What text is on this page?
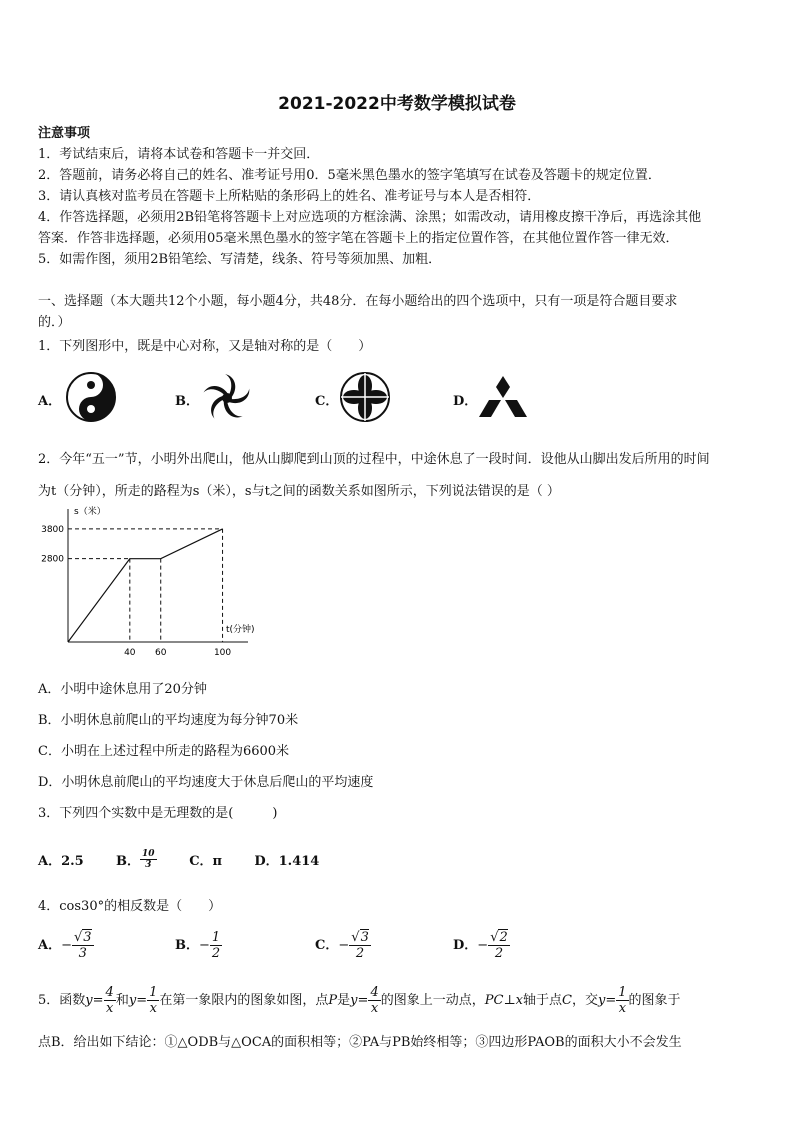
2021-2022中考数学模拟试卷
注意事项
1．考试结束后，请将本试卷和答题卡一并交回．
2．答题前，请务必将自己的姓名、准考证号用0．5毫米黑色墨水的签字笔填写在试卷及答题卡的规定位置．
3．请认真核对监考员在答题卡上所粘贴的条形码上的姓名、准考证号与本人是否相符．
4．作答选择题，必须用2B铅笔将答题卡上对应选项的方框涂满、涂黑；如需改动，请用橡皮擦干净后，再选涂其他
答案．作答非选择题，必须用05毫米黑色墨水的签字笔在答题卡上的指定位置作答，在其他位置作答一律无效．
5．如需作图，须用2B铅笔绘、写清楚，线条、符号等须加黑、加粗．
一、选择题（本大题共12个小题，每小题4分，共48分．在每小题给出的四个选项中，只有一项是符合题目要求
的．）
1．下列图形中，既是中心对称，又是轴对称的是（　　）
A．	B．	C．	D．
2．今年“五一”节，小明外出爬山，他从山脚爬到山顶的过程中，中途休息了一段时间．设他从山脚出发后所用的时间
为t（分钟），所走的路程为s（米），s与t之间的函数关系如图所示，下列说法错误的是（ ）
s（米）
t(分钟)
3800
2800
40 60	100
A．小明中途休息用了20分钟
B．小明休息前爬山的平均速度为每分钟70米
C．小明在上述过程中所走的路程为6600米
D．小明休息前爬山的平均速度大于休息后爬山的平均速度
3．下列四个实数中是无理数的是(　　　)
A．2.5 B． $\frac{10}{3}$	C．π D．1.414
4．cos30°的相反数是（　　）
A．− $\frac{√3}{3}$	B．− $\frac{1}{2}$	C．− $\frac{√3}{2}$	D．− $\frac{√2}{2}$
5．函数$y= \frac{4}{x}$ 和$y= \frac{1}{x}$ 在第一象限内的图象如图，点P是$y= \frac{4}{x}$ 的图象上一动点，PC⊥x轴于点C，交$y= \frac{1}{x}$ 的图象于
点B．给出如下结论：①△ODB与△OCA的面积相等；②PA与PB始终相等；③四边形PAOB的面积大小不会发生
